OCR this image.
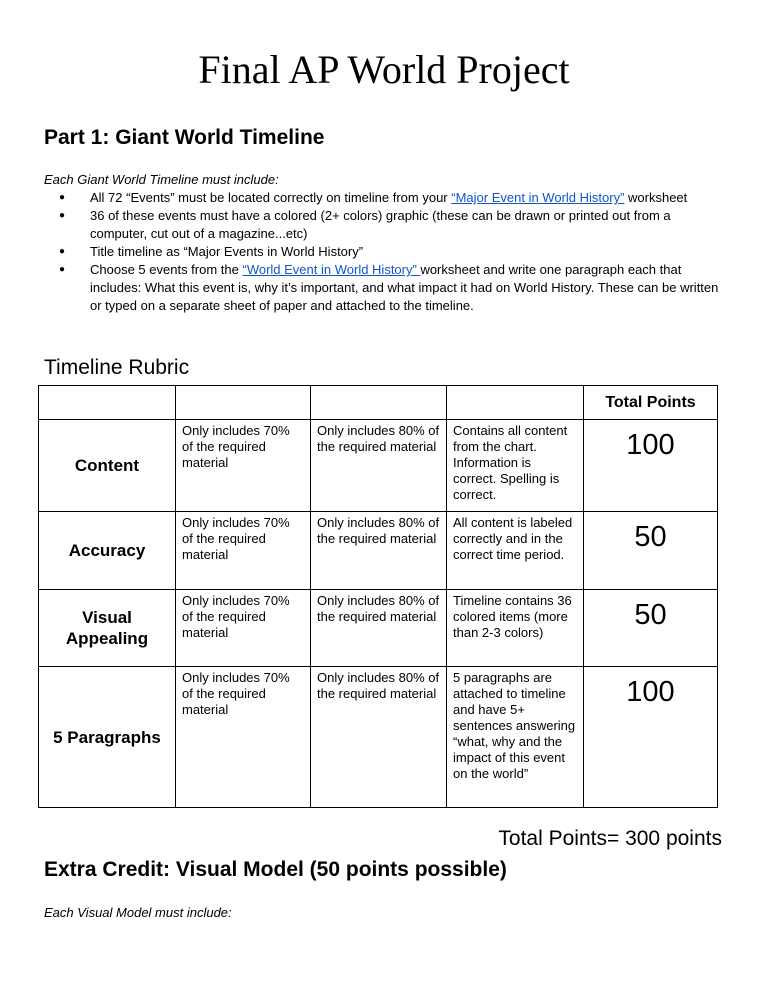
Final AP World Project
Part 1: Giant World Timeline
Each Giant World Timeline must include:
● All 72 “Events” must be located correctly on timeline from your “Major Event in World History” worksheet
● 36 of these events must have a colored (2+ colors) graphic (these can be drawn or printed out from a computer, cut out of a magazine...etc)
● Title timeline as “Major Events in World History”
● Choose 5 events from the “World Event in World History” worksheet and write one paragraph each that includes: What this event is, why it’s important, and what impact it had on World History. These can be written or typed on a separate sheet of paper and attached to the timeline.
Timeline Rubric
				Total Points
Content	Only includes 70% of the required material	Only includes 80% of the required material	Contains all content from the chart. Information is correct. Spelling is correct.	100
Accuracy	Only includes 70% of the required material	Only includes 80% of the required material	All content is labeled correctly and in the correct time period.	50
Visual Appealing	Only includes 70% of the required material	Only includes 80% of the required material	Timeline contains 36 colored items (more than 2-3 colors)	50
5 Paragraphs	Only includes 70% of the required material	Only includes 80% of the required material	5 paragraphs are attached to timeline and have 5+ sentences answering “what, why and the impact of this event on the world”	100
Total Points= 300 points
Extra Credit: Visual Model (50 points possible)
Each Visual Model must include:
